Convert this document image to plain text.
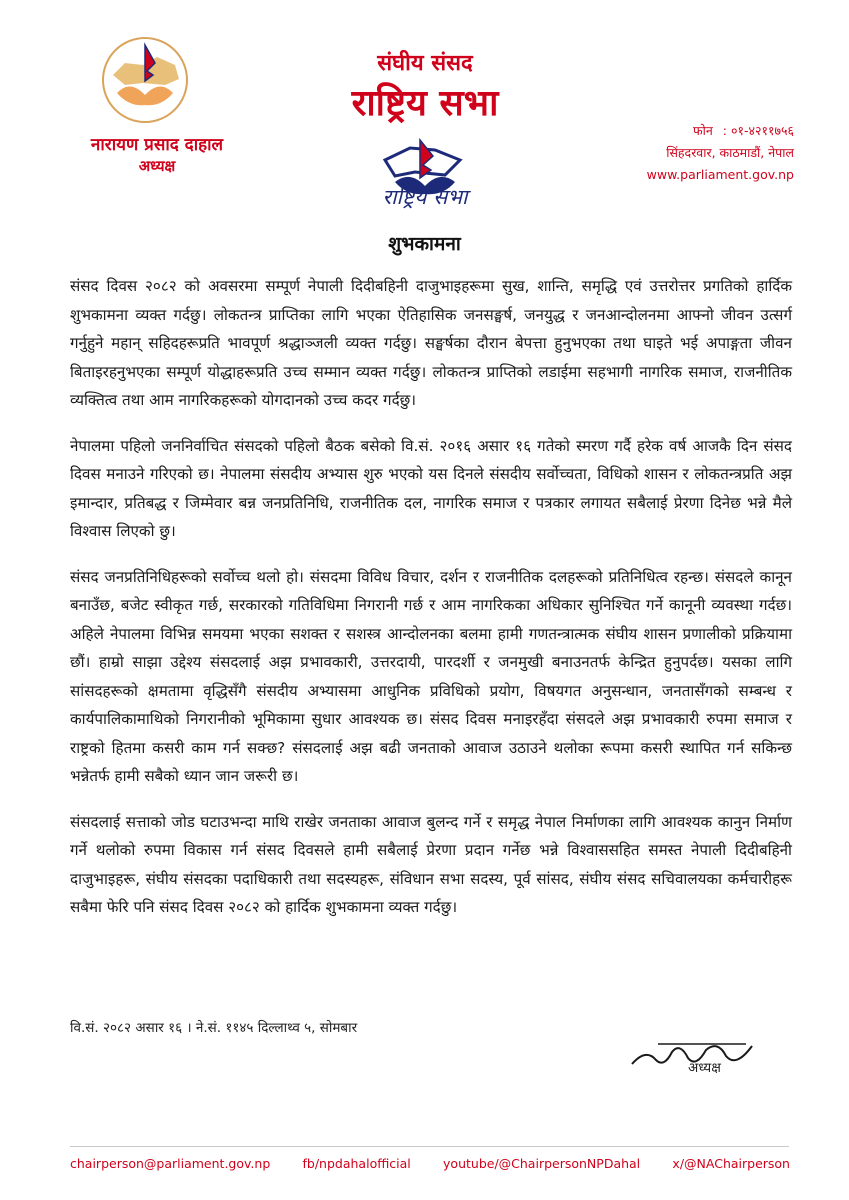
नारायण प्रसाद दाहाल
अध्यक्ष
संघीय संसद
राष्ट्रिय सभा
राष्ट्रिय सभा
फोन : ०१-४२११७५६
सिंहदरवार, काठमाडौं, नेपाल
www.parliament.gov.np
शुभकामना

संसद दिवस २०८२ को अवसरमा सम्पूर्ण नेपाली दिदीबहिनी दाजुभाइहरूमा सुख, शान्ति, समृद्धि एवं उत्तरोत्तर प्रगतिको हार्दिक शुभकामना व्यक्त गर्दछु। लोकतन्त्र प्राप्तिका लागि भएका ऐतिहासिक जनसङ्घर्ष, जनयुद्ध र जनआन्दोलनमा आफ्नो जीवन उत्सर्ग गर्नुहुने महान् सहिदहरूप्रति भावपूर्ण श्रद्धाञ्जली व्यक्त गर्दछु। सङ्घर्षका दौरान बेपत्ता हुनुभएका तथा घाइते भई अपाङ्गता जीवन बिताइरहनुभएका सम्पूर्ण योद्धाहरूप्रति उच्च सम्मान व्यक्त गर्दछु। लोकतन्त्र प्राप्तिको लडाईमा सहभागी नागरिक समाज, राजनीतिक व्यक्तित्व तथा आम नागरिकहरूको योगदानको उच्च कदर गर्दछु।

नेपालमा पहिलो जननिर्वाचित संसदको पहिलो बैठक बसेको वि.सं. २०१६ असार १६ गतेको स्मरण गर्दै हरेक वर्ष आजकै दिन संसद दिवस मनाउने गरिएको छ। नेपालमा संसदीय अभ्यास शुरु भएको यस दिनले संसदीय सर्वोच्चता, विधिको शासन र लोकतन्त्रप्रति अझ इमान्दार, प्रतिबद्ध र जिम्मेवार बन्न जनप्रतिनिधि, राजनीतिक दल, नागरिक समाज र पत्रकार लगायत सबैलाई प्रेरणा दिनेछ भन्ने मैले विश्वास लिएको छु।

संसद जनप्रतिनिधिहरूको सर्वोच्च थलो हो। संसदमा विविध विचार, दर्शन र राजनीतिक दलहरूको प्रतिनिधित्व रहन्छ। संसदले कानून बनाउँछ, बजेट स्वीकृत गर्छ, सरकारको गतिविधिमा निगरानी गर्छ र आम नागरिकका अधिकार सुनिश्चित गर्ने कानूनी व्यवस्था गर्दछ। अहिले नेपालमा विभिन्न समयमा भएका सशक्त र सशस्त्र आन्दोलनका बलमा हामी गणतन्त्रात्मक संघीय शासन प्रणालीको प्रक्रियामा छौं। हाम्रो साझा उद्देश्य संसदलाई अझ प्रभावकारी, उत्तरदायी, पारदर्शी र जनमुखी बनाउनतर्फ केन्द्रित हुनुपर्दछ। यसका लागि सांसदहरूको क्षमतामा वृद्धिसँगै संसदीय अभ्यासमा आधुनिक प्रविधिको प्रयोग, विषयगत अनुसन्धान, जनतासँगको सम्बन्ध र कार्यपालिकामाथिको निगरानीको भूमिकामा सुधार आवश्यक छ। संसद दिवस मनाइरहँदा संसदले अझ प्रभावकारी रुपमा समाज र राष्ट्रको हितमा कसरी काम गर्न सक्छ? संसदलाई अझ बढी जनताको आवाज उठाउने थलोका रूपमा कसरी स्थापित गर्न सकिन्छ भन्नेतर्फ हामी सबैको ध्यान जान जरूरी छ।

संसदलाई सत्ताको जोड घटाउभन्दा माथि राखेर जनताका आवाज बुलन्द गर्ने र समृद्ध नेपाल निर्माणका लागि आवश्यक कानुन निर्माण गर्ने थलोको रुपमा विकास गर्न संसद दिवसले हामी सबैलाई प्रेरणा प्रदान गर्नेछ भन्ने विश्वाससहित समस्त नेपाली दिदीबहिनी दाजुभाइहरू, संघीय संसदका पदाधिकारी तथा सदस्यहरू, संविधान सभा सदस्य, पूर्व सांसद, संघीय संसद सचिवालयका कर्मचारीहरू सबैमा फेरि पनि संसद दिवस २०८२ को हार्दिक शुभकामना व्यक्त गर्दछु।

वि.सं. २०८२ असार १६ । ने.सं. ११४५ दिल्लाथ्व ५, सोमबार
अध्यक्ष
chairperson@parliament.gov.np	fb/npdahalofficial	youtube/@ChairpersonNPDahal	x/@NAChairperson
